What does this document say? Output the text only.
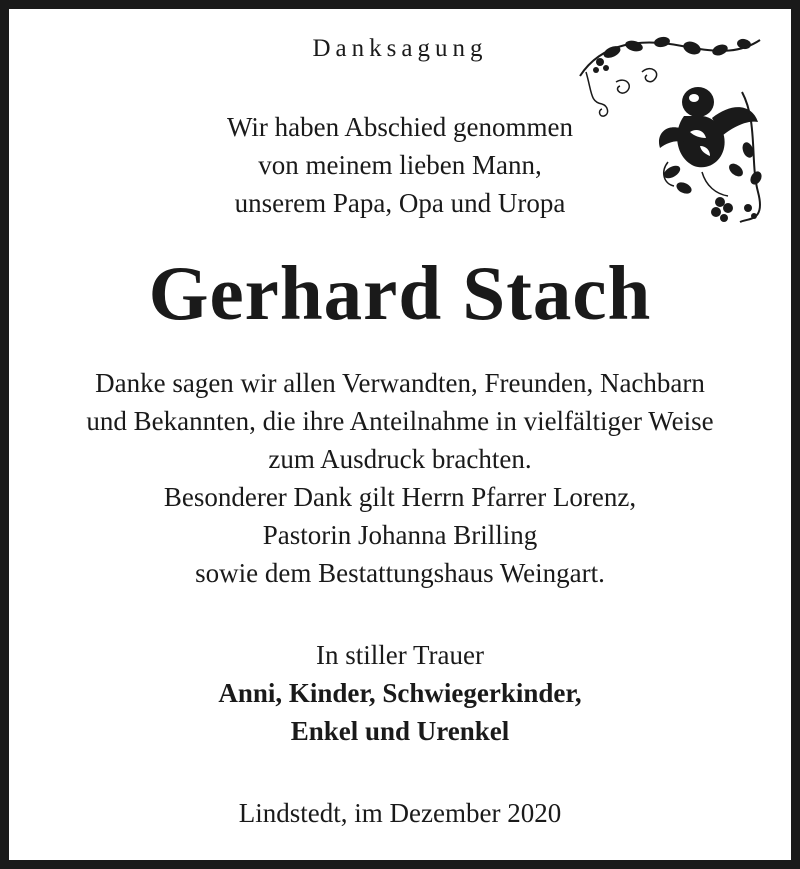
Danksagung
Wir haben Abschied genommen
von meinem lieben Mann,
unserem Papa, Opa und Uropa
Gerhard Stach
Danke sagen wir allen Verwandten, Freunden, Nachbarn
und Bekannten, die ihre Anteilnahme in vielfältiger Weise
zum Ausdruck brachten.
Besonderer Dank gilt Herrn Pfarrer Lorenz,
Pastorin Johanna Brilling
sowie dem Bestattungshaus Weingart.
In stiller Trauer
Anni, Kinder, Schwiegerkinder,
Enkel und Urenkel
Lindstedt, im Dezember 2020
